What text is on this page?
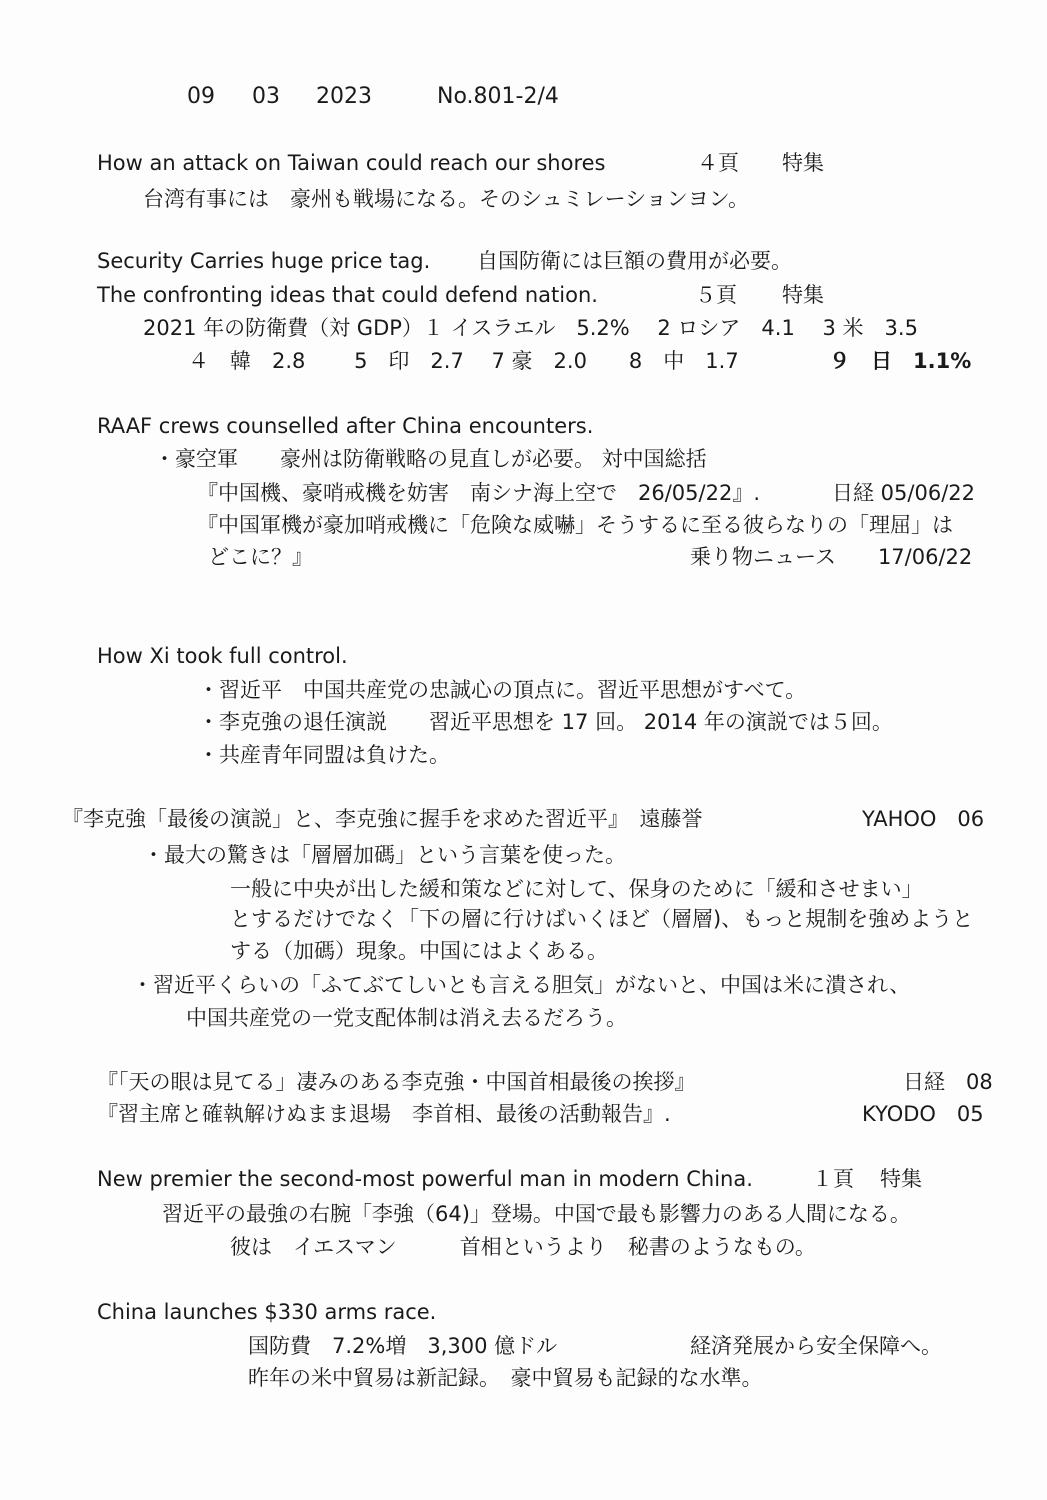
09 03 2023	No.801-2/4
How an attack on Taiwan could reach our shores	４頁 特集
台湾有事には　豪州も戦場になる。そのシュミレーションヨン。
Security Carries huge price tag. 自国防衛には巨額の費用が必要。
The confronting ideas that could defend nation.	５頁 特集
2021 年の防衛費（対 GDP）１ イスラエル　5.2%　 2 ロシア　4.1　 3 米　3.5
４　韓　2.8　　 5　印　2.7　 7 豪　2.0　　8　中　1.7	９　日　1.1%
RAAF crews counselled after China encounters.
・豪空軍　　豪州は防衛戦略の見直しが必要。 対中国総括
『中国機、豪哨戒機を妨害　南シナ海上空で　26/05/22』.	日経 05/06/22
『中国軍機が豪加哨戒機に「危険な威嚇」そうするに至る彼らなりの「理屈」は
どこに？』	乗り物ニュース　　17/06/22
How Xi took full control.
・習近平　中国共産党の忠誠心の頂点に。習近平思想がすべて。
・李克強の退任演説　　習近平思想を 17 回。 2014 年の演説では５回。
・共産青年同盟は負けた。
『李克強「最後の演説」と、李克強に握手を求めた習近平』　遠藤誉	YAHOO　06
・最大の驚きは「層層加碼」という言葉を使った。
一般に中央が出した緩和策などに対して、保身のために「緩和させまい」
とするだけでなく「下の層に行けばいくほど（層層)、もっと規制を強めようと
する（加碼）現象。中国にはよくある。
・習近平くらいの「ふてぶてしいとも言える胆気」がないと、中国は米に潰され、
中国共産党の一党支配体制は消え去るだろう。
『「天の眼は見てる」凄みのある李克強・中国首相最後の挨拶』	日経　08
『習主席と確執解けぬまま退場　李首相、最後の活動報告』.	KYODO　05
New premier the second-most powerful man in modern China.	１頁 特集
習近平の最強の右腕「李強（64)」登場。中国で最も影響力のある人間になる。
彼は　イエスマン　　　首相というより　秘書のようなもの。
China launches $330 arms race.
国防費　7.2%増　3,300 億ドル	経済発展から安全保障へ。
昨年の米中貿易は新記録。　豪中貿易も記録的な水準。
